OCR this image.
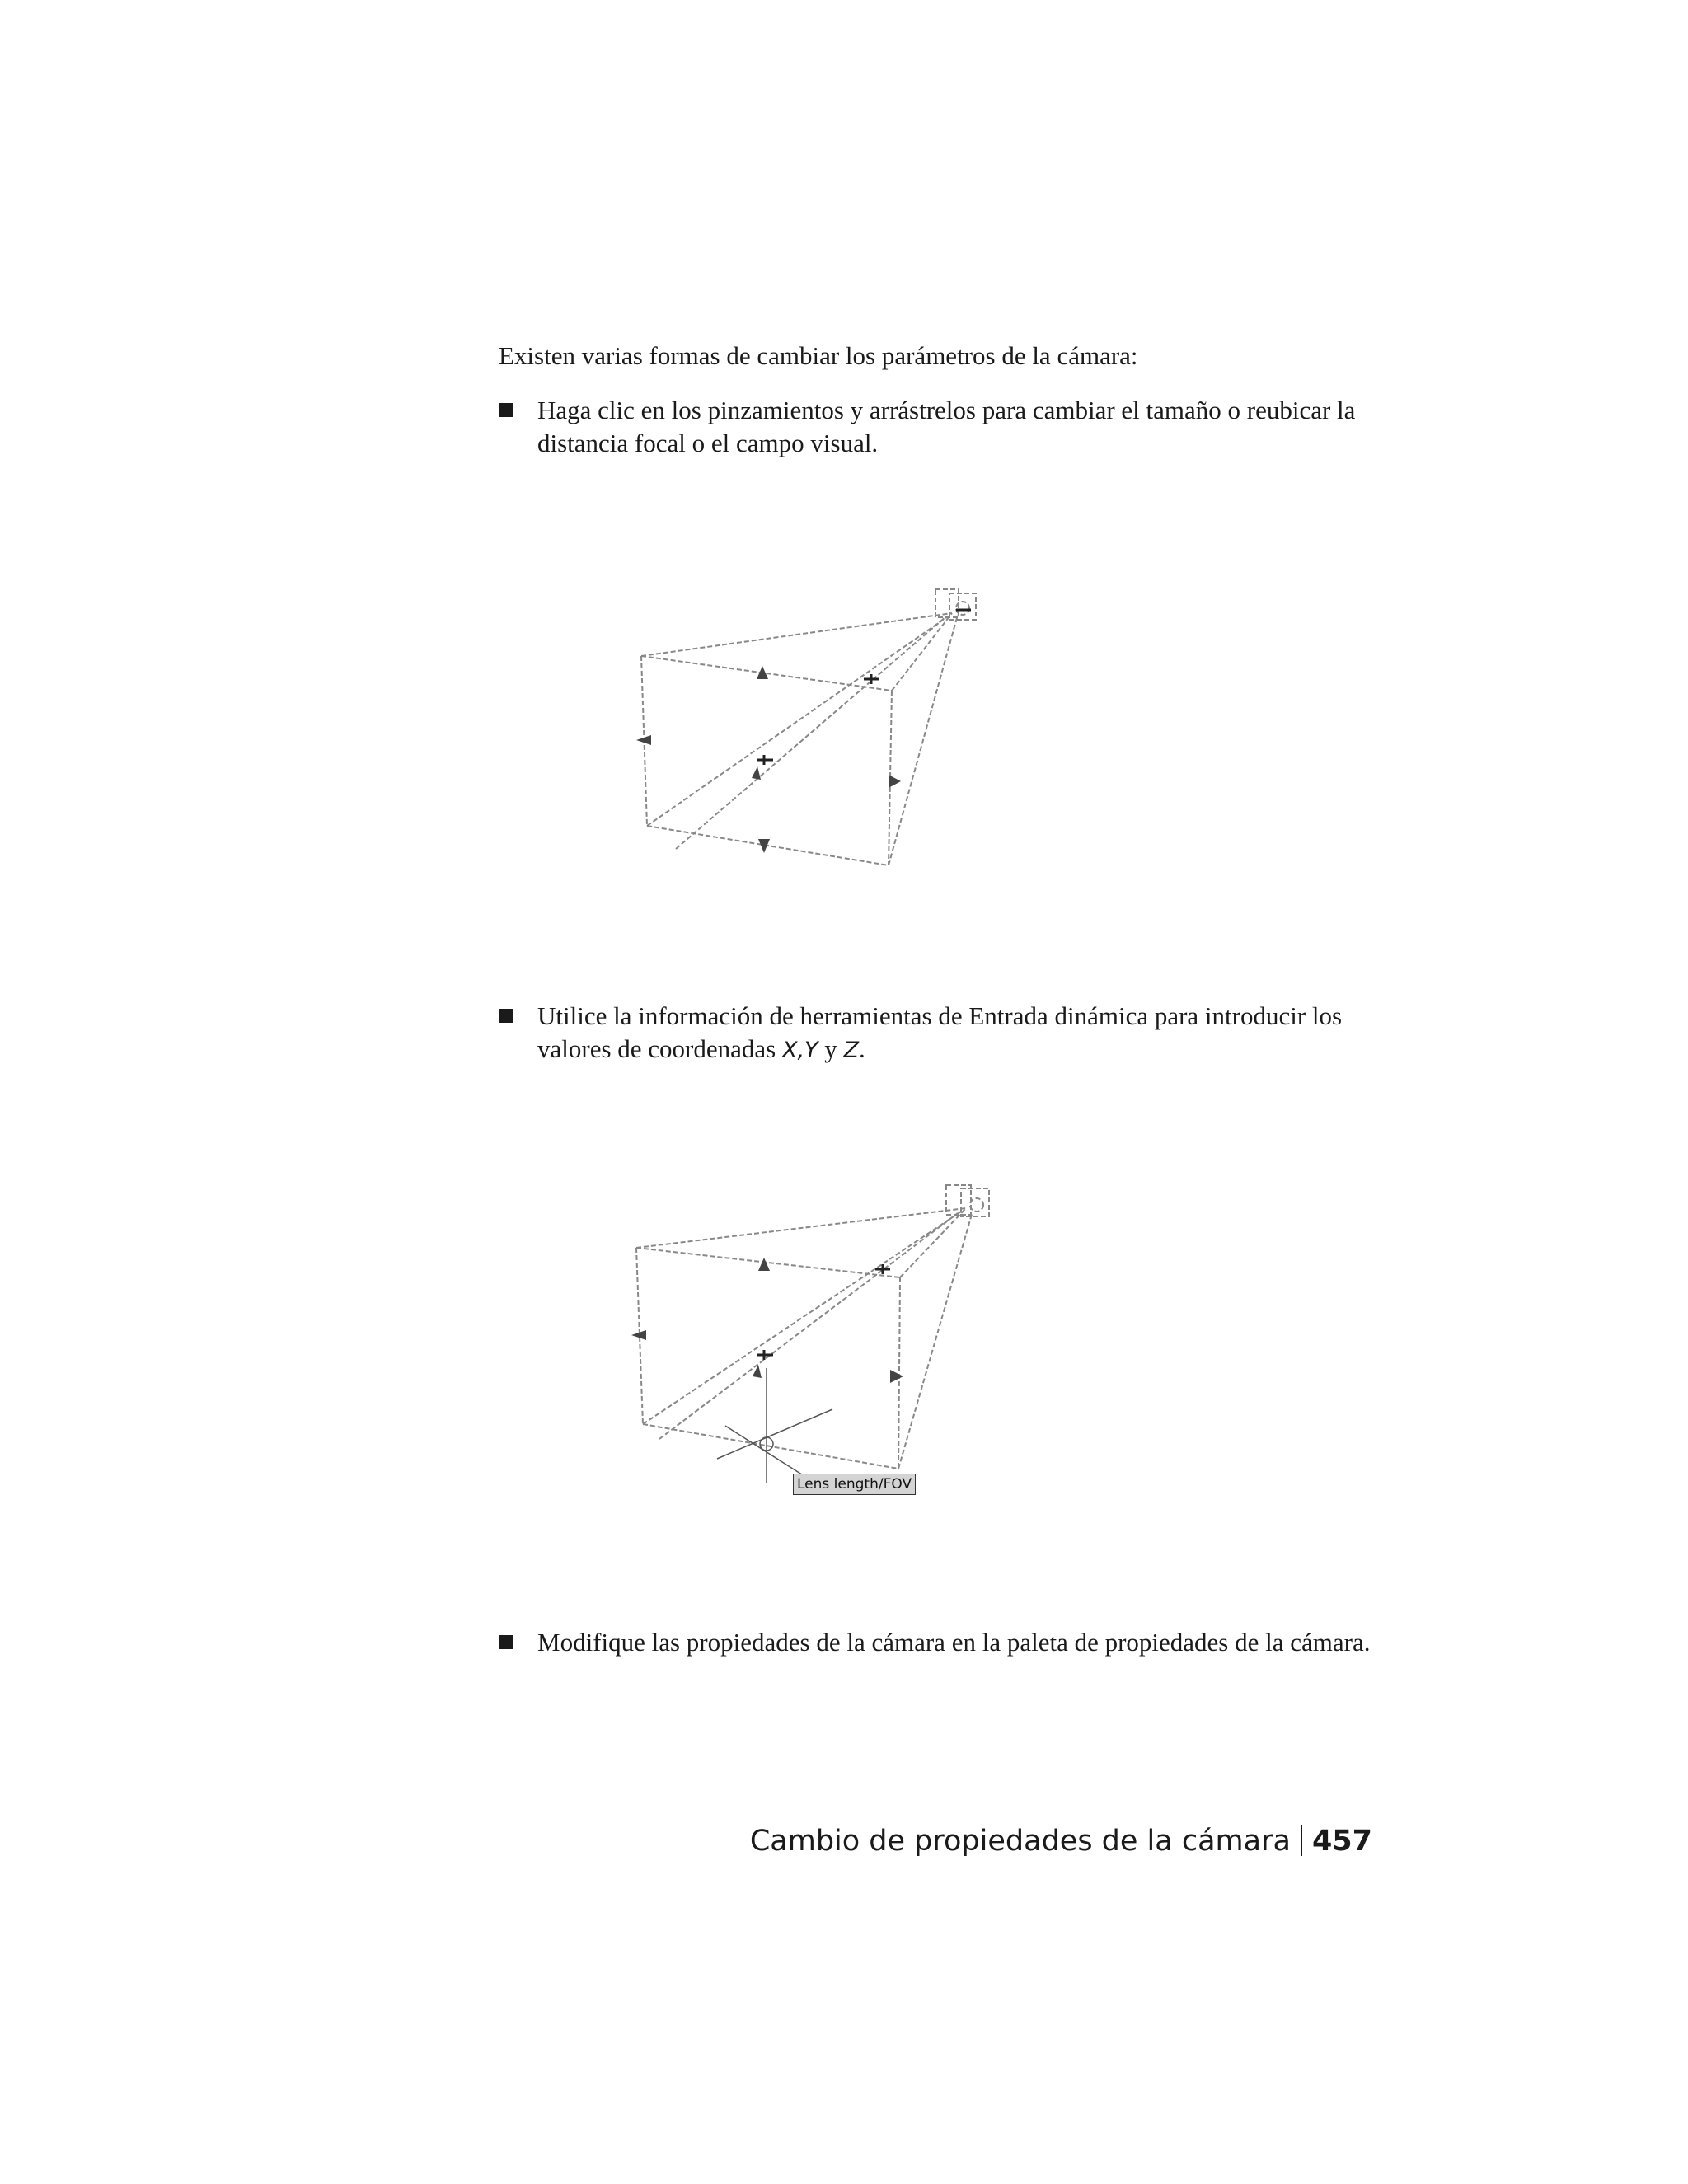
Existen varias formas de cambiar los parámetros de la cámara:

Haga clic en los pinzamientos y arrástrelos para cambiar el tamaño o reubicar la distancia focal o el campo visual.

Utilice la información de herramientas de Entrada dinámica para introducir los valores de coordenadas X,Y y Z.

Lens length/FOV

Modifique las propiedades de la cámara en la paleta de propiedades de la cámara.

Cambio de propiedades de la cámara 457
